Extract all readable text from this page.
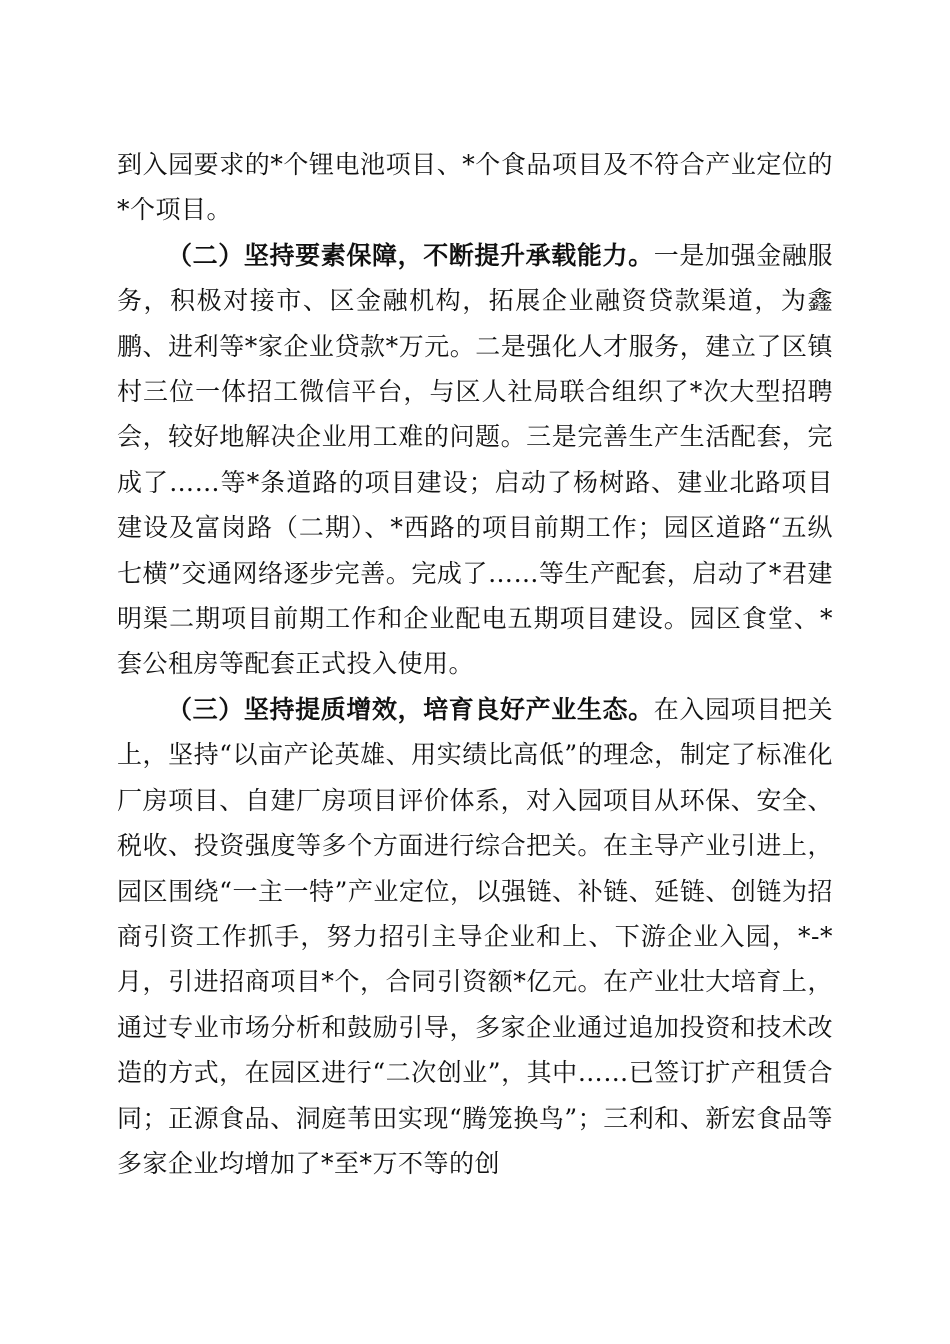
到入园要求的*个锂电池项目、*个食品项目及不符合产业定位的*个项目。

（二）坚持要素保障，不断提升承载能力。一是加强金融服务，积极对接市、区金融机构，拓展企业融资贷款渠道，为鑫鹏、进利等*家企业贷款*万元。二是强化人才服务，建立了区镇村三位一体招工微信平台，与区人社局联合组织了*次大型招聘会，较好地解决企业用工难的问题。三是完善生产生活配套，完成了……等*条道路的项目建设；启动了杨树路、建业北路项目建设及富岗路（二期）、*西路的项目前期工作；园区道路“五纵七横”交通网络逐步完善。完成了……等生产配套，启动了*君建明渠二期项目前期工作和企业配电五期项目建设。园区食堂、*套公租房等配套正式投入使用。

（三）坚持提质增效，培育良好产业生态。在入园项目把关上，坚持“以亩产论英雄、用实绩比高低”的理念，制定了标准化厂房项目、自建厂房项目评价体系，对入园项目从环保、安全、税收、投资强度等多个方面进行综合把关。在主导产业引进上，园区围绕“一主一特”产业定位，以强链、补链、延链、创链为招商引资工作抓手，努力招引主导企业和上、下游企业入园，*-*月，引进招商项目*个，合同引资额*亿元。在产业壮大培育上，通过专业市场分析和鼓励引导，多家企业通过追加投资和技术改造的方式，在园区进行“二次创业”，其中……已签订扩产租赁合同；正源食品、洞庭苇田实现“腾笼换鸟”；三利和、新宏食品等多家企业均增加了*至*万不等的创
